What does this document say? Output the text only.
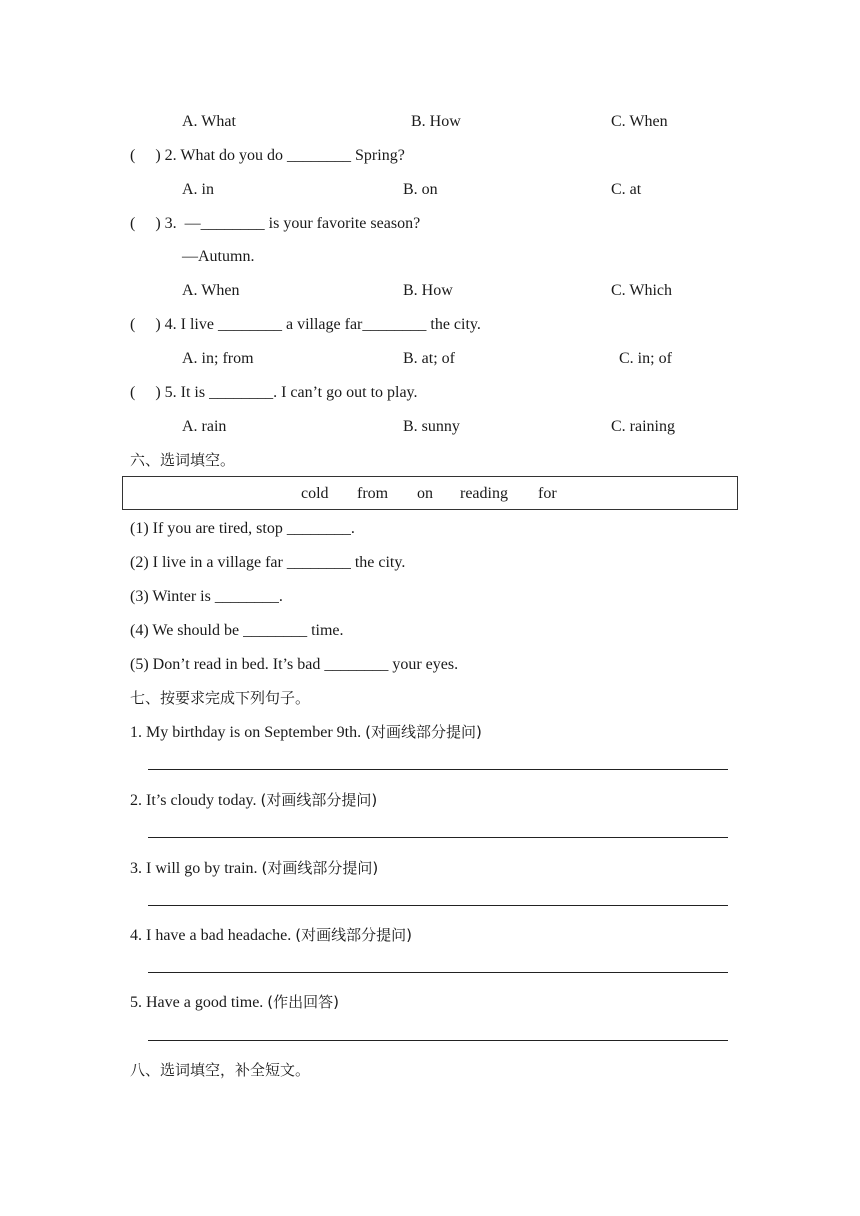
A. What	B. How	C. When
(     ) 2. What do you do ________ Spring?
A. in	B. on	C. at
(     ) 3.  —________ is your favorite season?
—Autumn.
A. When	B. How	C. Which
(     ) 4. I live ________ a village far________ the city.
A. in; from	B. at; of	C. in; of
(     ) 5. It is ________. I can’t go out to play.
A. rain	B. sunny	C. raining
六、选词填空。
cold from on reading for
(1) If you are tired, stop ________.
(2) I live in a village far ________ the city.
(3) Winter is ________.
(4) We should be ________ time.
(5) Don’t read in bed. It’s bad ________ your eyes.
七、按要求完成下列句子。
1. My birthday is on September 9th. (对画线部分提问)
2. It’s cloudy today. (对画线部分提问)
3. I will go by train. (对画线部分提问)
4. I have a bad headache. (对画线部分提问)
5. Have a good time. (作出回答)
八、选词填空，补全短文。
